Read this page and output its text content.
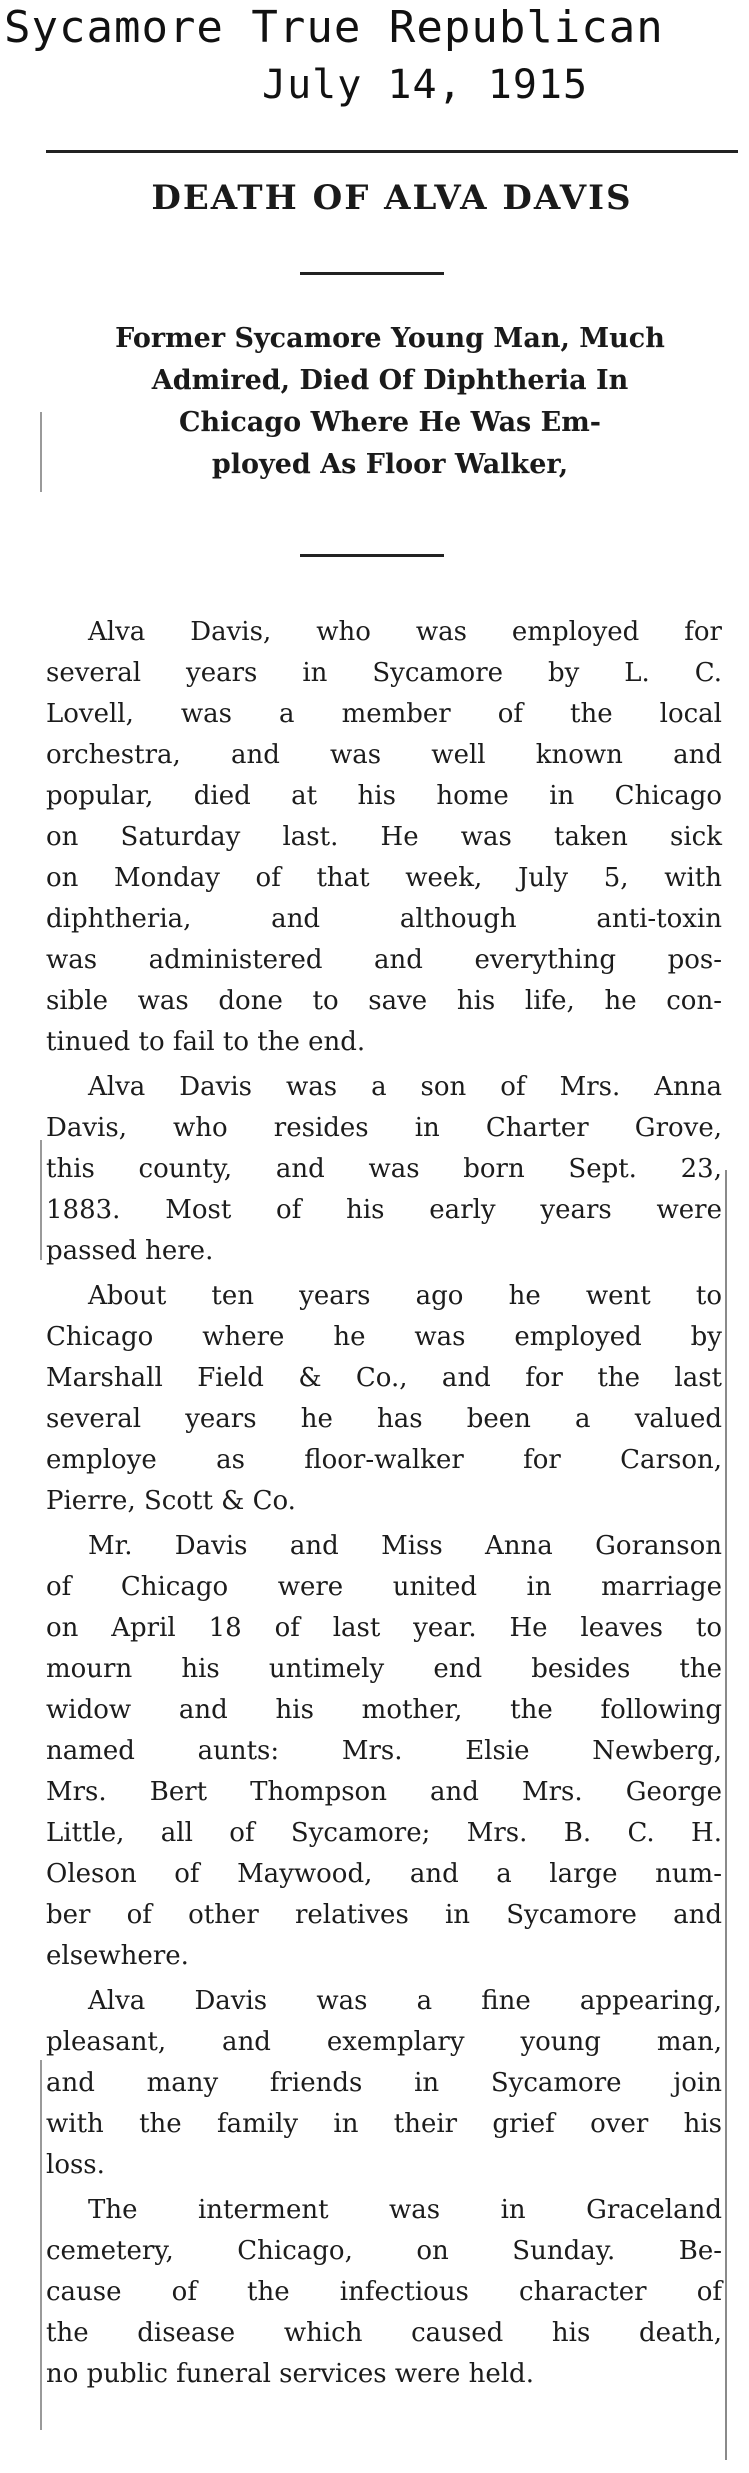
Sycamore True Republican
July 14, 1915
DEATH OF ALVA DAVIS
Former Sycamore Young Man, Much
Admired, Died Of Diphtheria In
Chicago Where He Was Em-
ployed As Floor Walker,
Alva Davis, who was employed for
several years in Sycamore by L. C.
Lovell, was a member of the local
orchestra, and was well known and
popular, died at his home in Chicago
on Saturday last. He was taken sick
on Monday of that week, July 5, with
diphtheria, and although anti-toxin
was administered and everything pos-
sible was done to save his life, he con-
tinued to fail to the end.
Alva Davis was a son of Mrs. Anna
Davis, who resides in Charter Grove,
this county, and was born Sept. 23,
1883. Most of his early years were
passed here.
About ten years ago he went to
Chicago where he was employed by
Marshall Field & Co., and for the last
several years he has been a valued
employe as floor-walker for Carson,
Pierre, Scott & Co.
Mr. Davis and Miss Anna Goranson
of Chicago were united in marriage
on April 18 of last year. He leaves to
mourn his untimely end besides the
widow and his mother, the following
named aunts: Mrs. Elsie Newberg,
Mrs. Bert Thompson and Mrs. George
Little, all of Sycamore; Mrs. B. C. H.
Oleson of Maywood, and a large num-
ber of other relatives in Sycamore and
elsewhere.
Alva Davis was a fine appearing,
pleasant, and exemplary young man,
and many friends in Sycamore join
with the family in their grief over his
loss.
The interment was in Graceland
cemetery, Chicago, on Sunday. Be-
cause of the infectious character of
the disease which caused his death,
no public funeral services were held.
